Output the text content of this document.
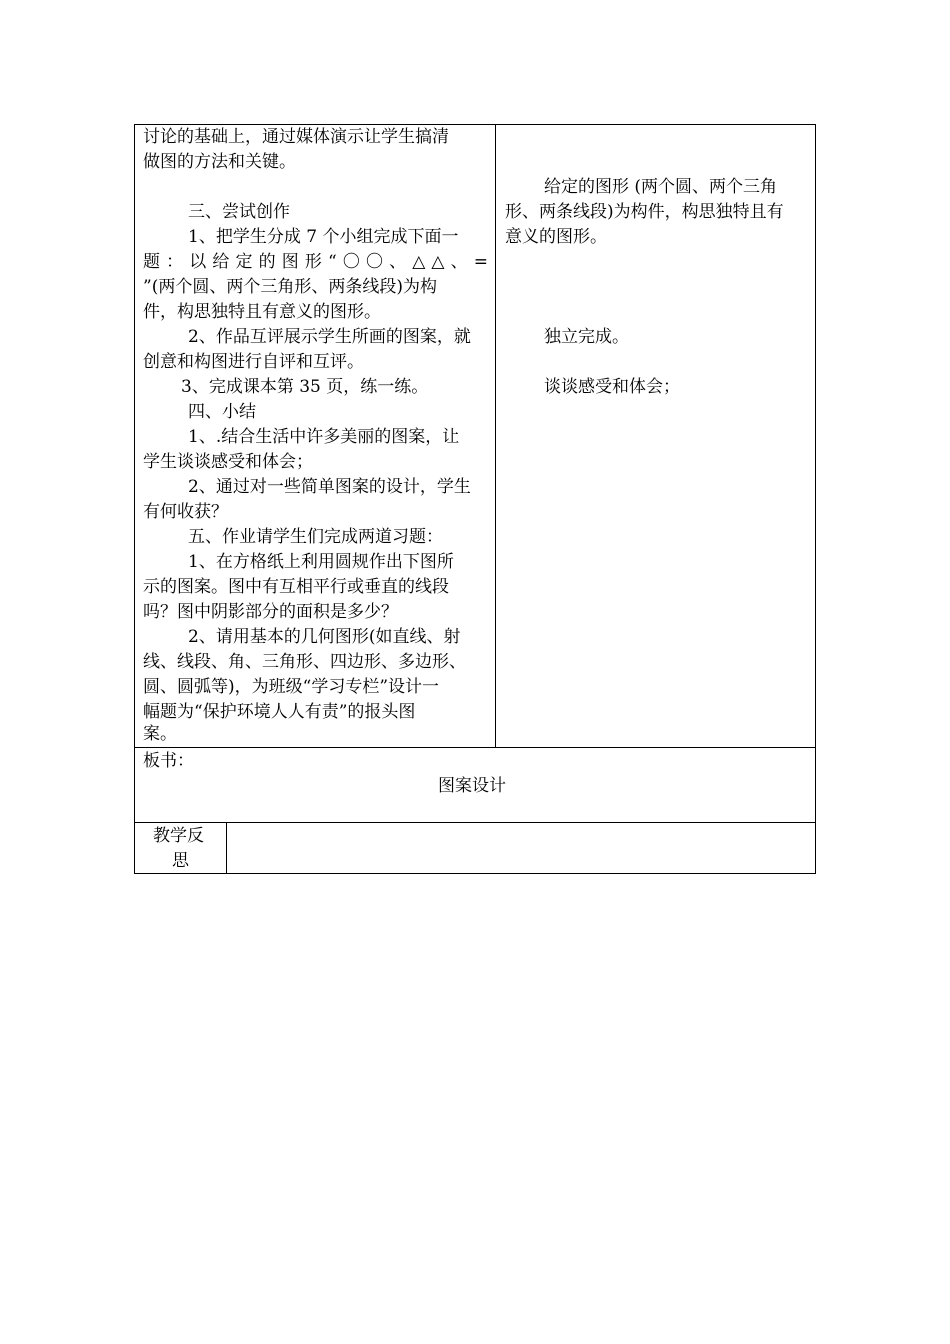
讨论的基础上，通过媒体演示让学生搞清
做图的方法和关键。
三、尝试创作
1、把学生分成 7 个小组完成下面一
题：以给定的图形“〇〇、△△、=
”(两个圆、两个三角形、两条线段)为构
件，构思独特且有意义的图形。
2、作品互评展示学生所画的图案，就
创意和构图进行自评和互评。
3、完成课本第 35 页，练一练。
四、小结
1、.结合生活中许多美丽的图案，让
学生谈谈感受和体会；
2、通过对一些简单图案的设计，学生
有何收获？
五、作业请学生们完成两道习题：
1、在方格纸上利用圆规作出下图所
示的图案。图中有互相平行或垂直的线段
吗？图中阴影部分的面积是多少？
2、请用基本的几何图形(如直线、射
线、线段、角、三角形、四边形、多边形、
圆、圆弧等)，为班级“学习专栏”设计一
幅题为“保护环境人人有责”的报头图
案。
给定的图形 (两个圆、两个三角
形、两条线段)为构件，构思独特且有
意义的图形。
独立完成。
谈谈感受和体会；
板书：
图案设计
教学反
思
